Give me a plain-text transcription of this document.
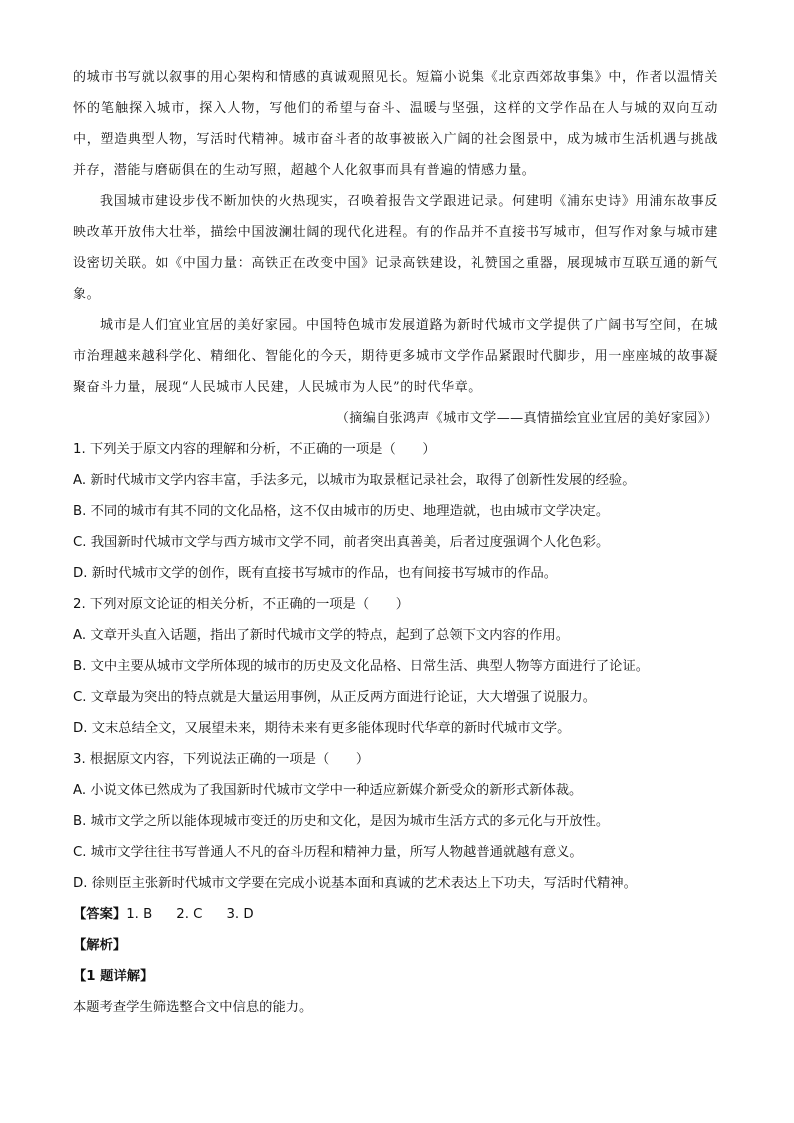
的城市书写就以叙事的用心架构和情感的真诚观照见长。短篇小说集《北京西郊故事集》中，作者以温情关怀的笔触探入城市，探入人物，写他们的希望与奋斗、温暖与坚强，这样的文学作品在人与城的双向互动中，塑造典型人物，写活时代精神。城市奋斗者的故事被嵌入广阔的社会图景中，成为城市生活机遇与挑战并存，潜能与磨砺俱在的生动写照，超越个人化叙事而具有普遍的情感力量。

我国城市建设步伐不断加快的火热现实，召唤着报告文学跟进记录。何建明《浦东史诗》用浦东故事反映改革开放伟大壮举，描绘中国波澜壮阔的现代化进程。有的作品并不直接书写城市，但写作对象与城市建设密切关联。如《中国力量：高铁正在改变中国》记录高铁建设，礼赞国之重器，展现城市互联互通的新气象。

城市是人们宜业宜居的美好家园。中国特色城市发展道路为新时代城市文学提供了广阔书写空间，在城市治理越来越科学化、精细化、智能化的今天，期待更多城市文学作品紧跟时代脚步，用一座座城的故事凝聚奋斗力量，展现“人民城市人民建，人民城市为人民”的时代华章。

（摘编自张鸿声《城市文学——真情描绘宜业宜居的美好家园》）
1. 下列关于原文内容的理解和分析，不正确的一项是（　　）
A. 新时代城市文学内容丰富，手法多元，以城市为取景框记录社会，取得了创新性发展的经验。
B. 不同的城市有其不同的文化品格，这不仅由城市的历史、地理造就，也由城市文学决定。
C. 我国新时代城市文学与西方城市文学不同，前者突出真善美，后者过度强调个人化色彩。
D. 新时代城市文学的创作，既有直接书写城市的作品，也有间接书写城市的作品。
2. 下列对原文论证的相关分析，不正确的一项是（　　）
A. 文章开头直入话题，指出了新时代城市文学的特点，起到了总领下文内容的作用。
B. 文中主要从城市文学所体现的城市的历史及文化品格、日常生活、典型人物等方面进行了论证。
C. 文章最为突出的特点就是大量运用事例，从正反两方面进行论证，大大增强了说服力。
D. 文末总结全文，又展望未来，期待未来有更多能体现时代华章的新时代城市文学。
3. 根据原文内容，下列说法正确的一项是（　　）
A. 小说文体已然成为了我国新时代城市文学中一种适应新媒介新受众的新形式新体裁。
B. 城市文学之所以能体现城市变迁的历史和文化，是因为城市生活方式的多元化与开放性。
C. 城市文学往往书写普通人不凡的奋斗历程和精神力量，所写人物越普通就越有意义。
D. 徐则臣主张新时代城市文学要在完成小说基本面和真诚的艺术表达上下功夫，写活时代精神。
【答案】1. B 2. C 3. D
【解析】
【1 题详解】
本题考查学生筛选整合文中信息的能力。
